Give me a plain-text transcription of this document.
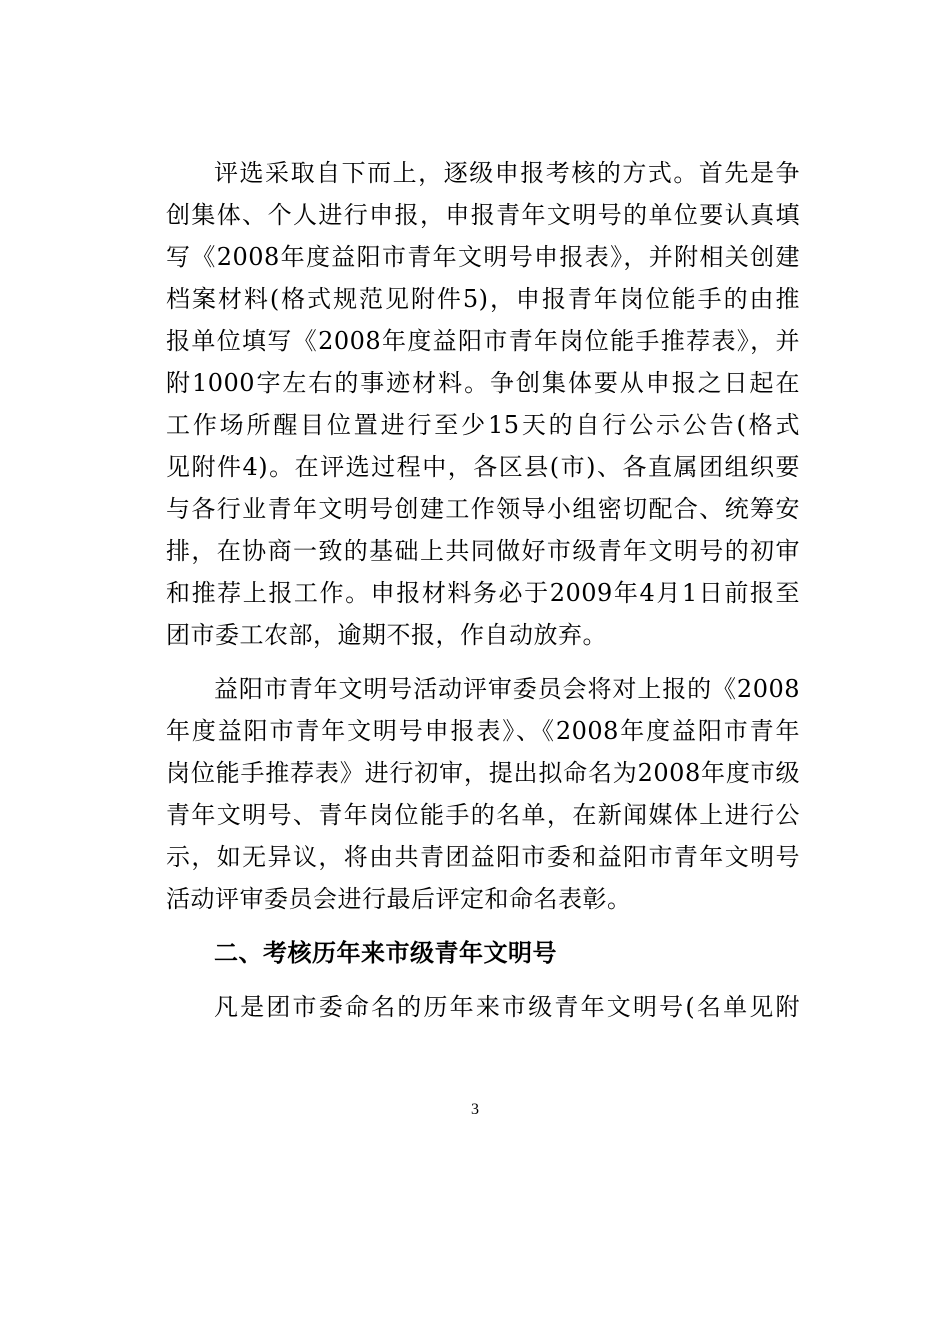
评选采取自下而上，逐级申报考核的方式。首先是争
创集体、个人进行申报，申报青年文明号的单位要认真填
写《2008年度益阳市青年文明号申报表》，并附相关创建
档案材料(格式规范见附件5)，申报青年岗位能手的由推
报单位填写《2008年度益阳市青年岗位能手推荐表》，并
附1000字左右的事迹材料。争创集体要从申报之日起在
工作场所醒目位置进行至少15天的自行公示公告(格式
见附件4)。在评选过程中，各区县(市)、各直属团组织要
与各行业青年文明号创建工作领导小组密切配合、统筹安
排，在协商一致的基础上共同做好市级青年文明号的初审
和推荐上报工作。申报材料务必于2009年4月1日前报至
团市委工农部，逾期不报，作自动放弃。
益阳市青年文明号活动评审委员会将对上报的《2008
年度益阳市青年文明号申报表》、《2008年度益阳市青年
岗位能手推荐表》进行初审，提出拟命名为2008年度市级
青年文明号、青年岗位能手的名单，在新闻媒体上进行公
示，如无异议，将由共青团益阳市委和益阳市青年文明号
活动评审委员会进行最后评定和命名表彰。
二、考核历年来市级青年文明号
凡是团市委命名的历年来市级青年文明号(名单见附
3
